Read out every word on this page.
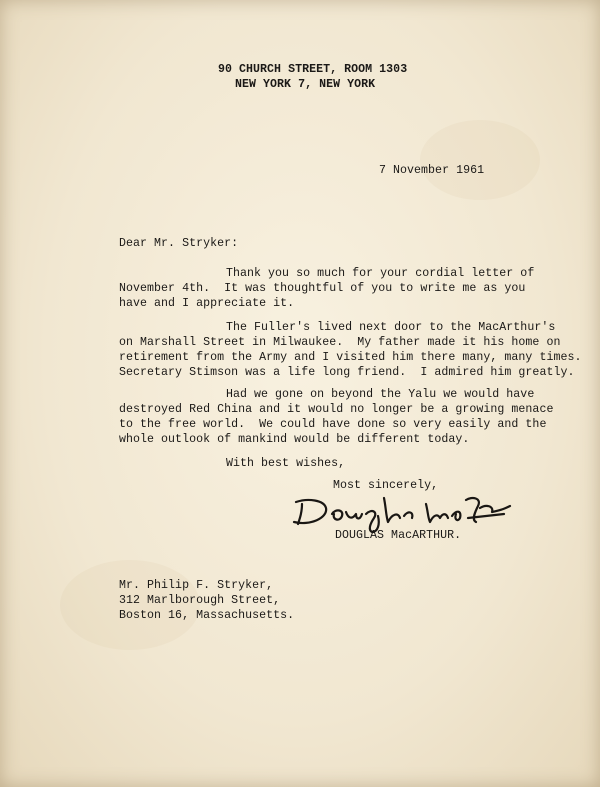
90 CHURCH STREET, ROOM 1303
NEW YORK 7, NEW YORK
7 November 1961
Dear Mr. Stryker:
Thank you so much for your cordial letter of
November 4th.  It was thoughtful of you to write me as you
have and I appreciate it.
The Fuller's lived next door to the MacArthur's
on Marshall Street in Milwaukee.  My father made it his home on
retirement from the Army and I visited him there many, many times.
Secretary Stimson was a life long friend.  I admired him greatly.
Had we gone on beyond the Yalu we would have
destroyed Red China and it would no longer be a growing menace
to the free world.  We could have done so very easily and the
whole outlook of mankind would be different today.
With best wishes,
Most sincerely,
DOUGLAS MacARTHUR.
Mr. Philip F. Stryker,
312 Marlborough Street,
Boston 16, Massachusetts.
